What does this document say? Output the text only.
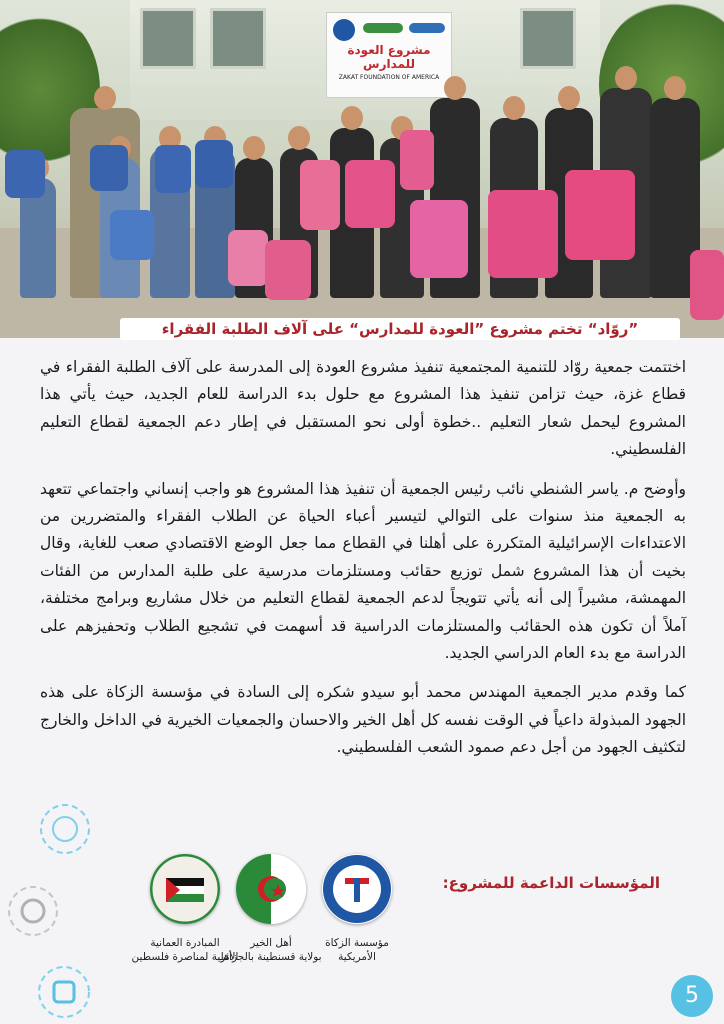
مشروع العودة للمدارس
ZAKAT FOUNDATION OF AMERICA
”روّاد“ تختم مشروع ”العودة للمدارس“ على آلاف الطلبة الفقراء

اختتمت جمعية روّاد للتنمية المجتمعية تنفيذ مشروع العودة إلى المدرسة على آلاف الطلبة الفقراء في قطاع غزة، حيث تزامن تنفيذ هذا المشروع مع حلول بدء الدراسة للعام الجديد، حيث يأتي هذا المشروع ليحمل شعار التعليم ..خطوة أولى نحو المستقبل في إطار دعم الجمعية لقطاع التعليم الفلسطيني.

وأوضح م. ياسر الشنطي نائب رئيس الجمعية أن تنفيذ هذا المشروع هو واجب إنساني واجتماعي تتعهد به الجمعية منذ سنوات على التوالي لتيسير أعباء الحياة عن الطلاب الفقراء والمتضررين من الاعتداءات الإسرائيلية المتكررة على أهلنا في القطاع مما جعل الوضع الاقتصادي صعب للغاية، وقال بخيت أن هذا المشروع شمل توزيع حقائب ومستلزمات مدرسية على طلبة المدارس من الفئات المهمشة، مشيراً إلى أنه يأتي تتويجاً لدعم الجمعية لقطاع التعليم من خلال مشاريع وبرامج مختلفة، آملاً أن تكون هذه الحقائب والمستلزمات الدراسية قد أسهمت في تشجيع الطلاب وتحفيزهم على الدراسة مع بدء العام الدراسي الجديد.

كما وقدم مدير الجمعية المهندس محمد أبو سيدو شكره إلى السادة في مؤسسة الزكاة على هذه الجهود المبذولة داعياً في الوقت نفسه كل أهل الخير والاحسان والجمعيات الخيرية في الداخل والخارج لتكثيف الجهود من أجل دعم صمود الشعب الفلسطيني.

المؤسسات الداعمة للمشروع:
مؤسسة الزكاة
الأمريكية
أهل الخير
بولاية قسنطينة بالجزائر
المبادرة العمانية
الأهلية لمناصرة فلسطين
5
